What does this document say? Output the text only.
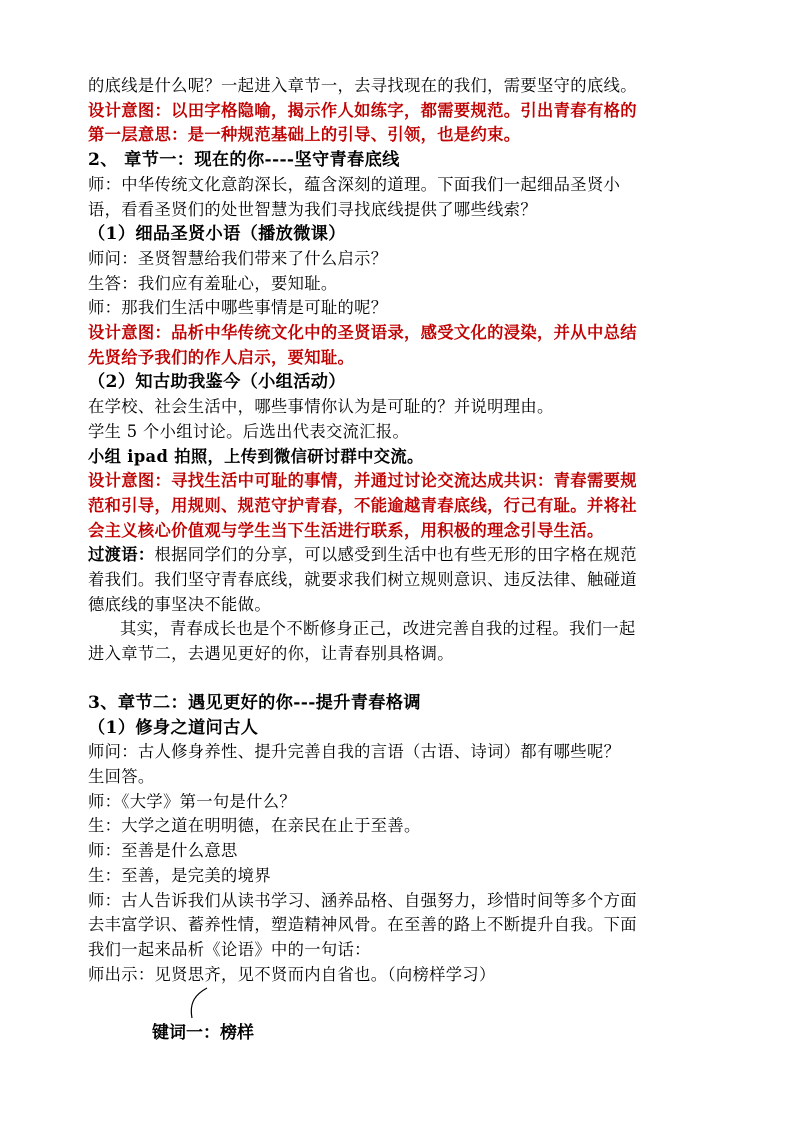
的底线是什么呢？一起进入章节一，去寻找现在的我们，需要坚守的底线。
设计意图：以田字格隐喻，揭示作人如练字，都需要规范。引出青春有格的
第一层意思：是一种规范基础上的引导、引领，也是约束。
2、 章节一：现在的你----坚守青春底线
师：中华传统文化意韵深长，蕴含深刻的道理。下面我们一起细品圣贤小
语，看看圣贤们的处世智慧为我们寻找底线提供了哪些线索？
（1）细品圣贤小语（播放微课）
师问：圣贤智慧给我们带来了什么启示？
生答：我们应有羞耻心，要知耻。
师：那我们生活中哪些事情是可耻的呢？
设计意图：品析中华传统文化中的圣贤语录，感受文化的浸染，并从中总结
先贤给予我们的作人启示，要知耻。
（2）知古助我鉴今（小组活动）
在学校、社会生活中，哪些事情你认为是可耻的？并说明理由。
学生 5 个小组讨论。后选出代表交流汇报。
小组 ipad 拍照，上传到微信研讨群中交流。
设计意图：寻找生活中可耻的事情，并通过讨论交流达成共识：青春需要规
范和引导，用规则、规范守护青春，不能逾越青春底线，行己有耻。并将社
会主义核心价值观与学生当下生活进行联系，用积极的理念引导生活。
过渡语：根据同学们的分享，可以感受到生活中也有些无形的田字格在规范
着我们。我们坚守青春底线，就要求我们树立规则意识、违反法律、触碰道
德底线的事坚决不能做。
其实，青春成长也是个不断修身正己，改进完善自我的过程。我们一起
进入章节二，去遇见更好的你，让青春别具格调。
3、章节二：遇见更好的你---提升青春格调
（1）修身之道问古人
师问：古人修身养性、提升完善自我的言语（古语、诗词）都有哪些呢？
生回答。
师：《大学》第一句是什么？
生：大学之道在明明德，在亲民在止于至善。
师：至善是什么意思
生：至善，是完美的境界
师：古人告诉我们从读书学习、涵养品格、自强努力，珍惜时间等多个方面
去丰富学识、蓄养性情，塑造精神风骨。在至善的路上不断提升自我。下面
我们一起来品析《论语》中的一句话：
师出示：见贤思齐，见不贤而内自省也。（向榜样学习）
键词一：榜样
